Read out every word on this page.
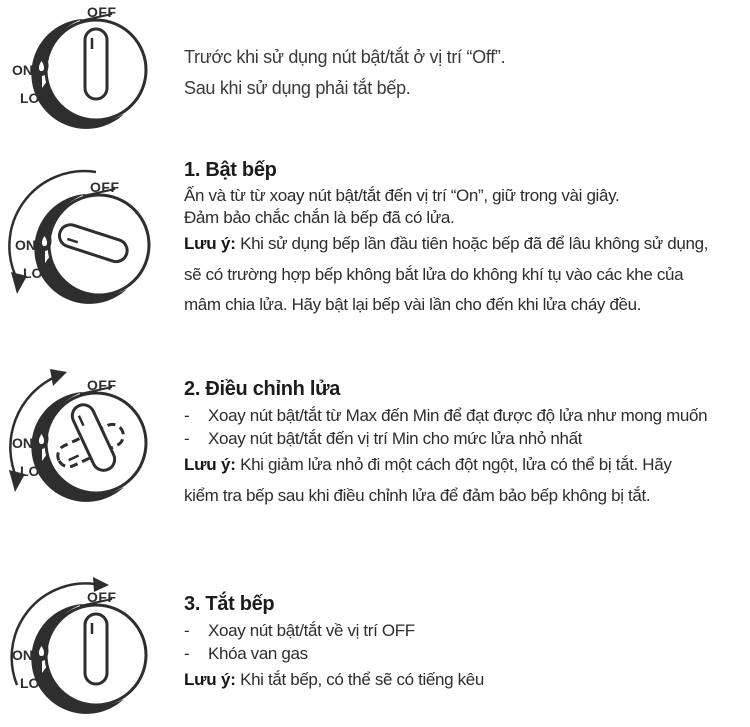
OFF
ON
LO
OFF
ON
LO
OFF
ON
LO
OFF
ON
LO
Trước khi sử dụng nút bật/tắt ở vị trí “Off”.
Sau khi sử dụng phải tắt bếp.
1. Bật bếp
Ấn và từ từ xoay nút bật/tắt đến vị trí “On”, giữ trong vài giây.
Đảm bảo chắc chắn là bếp đã có lửa.
Lưu ý: Khi sử dụng bếp lần đầu tiên hoặc bếp đã để lâu không sử dụng,
sẽ có trường hợp bếp không bắt lửa do không khí tụ vào các khe của
mâm chia lửa. Hãy bật lại bếp vài lần cho đến khi lửa cháy đều.
2. Điều chỉnh lửa
-	Xoay nút bật/tắt từ Max đến Min để đạt được độ lửa như mong muốn
-	Xoay nút bật/tắt đến vị trí Min cho mức lửa nhỏ nhất
Lưu ý: Khi giảm lửa nhỏ đi một cách đột ngột, lửa có thể bị tắt. Hãy
kiểm tra bếp sau khi điều chỉnh lửa để đảm bảo bếp không bị tắt.
3. Tắt bếp
-	Xoay nút bật/tắt về vị trí OFF
-	Khóa van gas
Lưu ý: Khi tắt bếp, có thể sẽ có tiếng kêu
